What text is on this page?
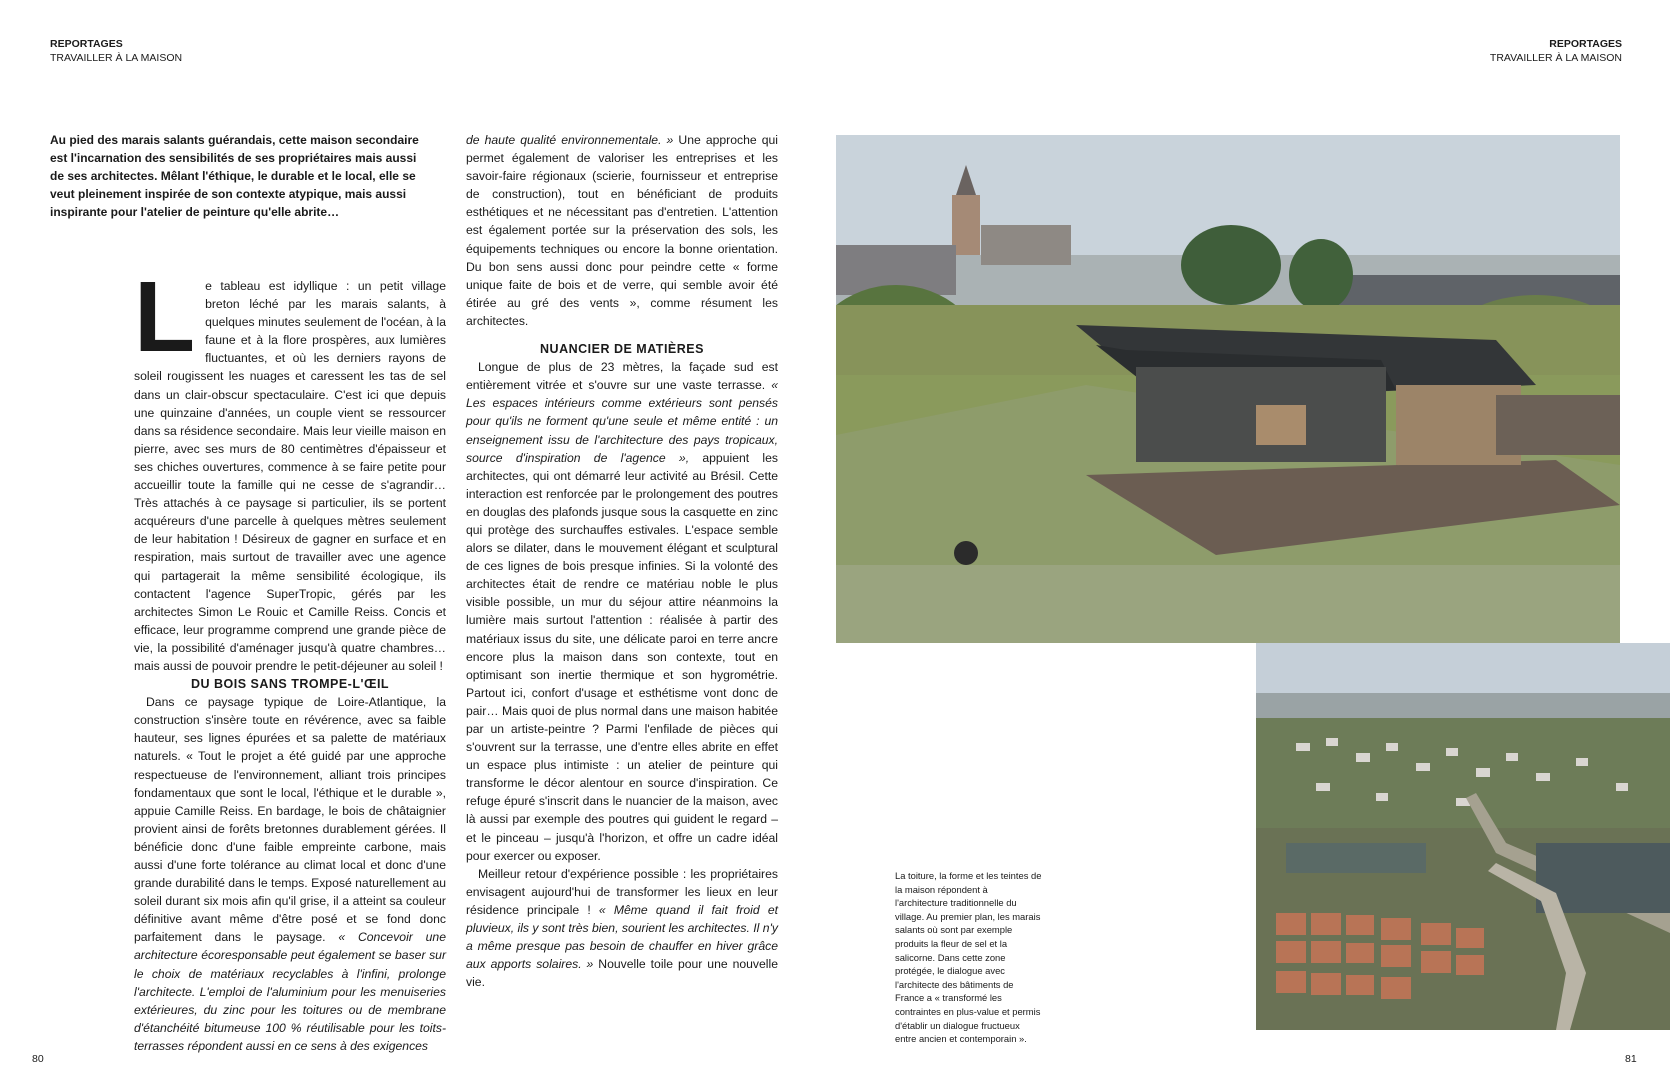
REPORTAGES
TRAVAILLER À LA MAISON
REPORTAGES
TRAVAILLER À LA MAISON
Au pied des marais salants guérandais, cette maison secondaire est l'incarnation des sensibilités de ses propriétaires mais aussi de ses architectes. Mêlant l'éthique, le durable et le local, elle se veut pleinement inspirée de son contexte atypique, mais aussi inspirante pour l'atelier de peinture qu'elle abrite…

Le tableau est idyllique : un petit village breton léché par les marais salants, à quelques minutes seulement de l'océan, à la faune et à la flore prospères, aux lumières fluctuantes, et où les derniers rayons de soleil rougissent les nuages et caressent les tas de sel dans un clair-obscur spectaculaire. C'est ici que depuis une quinzaine d'années, un couple vient se ressourcer dans sa résidence secondaire. Mais leur vieille maison en pierre, avec ses murs de 80 centimètres d'épaisseur et ses chiches ouvertures, commence à se faire petite pour accueillir toute la famille qui ne cesse de s'agrandir… Très attachés à ce paysage si particulier, ils se portent acquéreurs d'une parcelle à quelques mètres seulement de leur habitation ! Désireux de gagner en surface et en respiration, mais surtout de travailler avec une agence qui partagerait la même sensibilité écologique, ils contactent l'agence SuperTropic, gérés par les architectes Simon Le Rouic et Camille Reiss. Concis et efficace, leur programme comprend une grande pièce de vie, la possibilité d'aménager jusqu'à quatre chambres… mais aussi de pouvoir prendre le petit-déjeuner au soleil !

DU BOIS SANS TROMPE-L'ŒIL

Dans ce paysage typique de Loire-Atlantique, la construction s'insère toute en révérence, avec sa faible hauteur, ses lignes épurées et sa palette de matériaux naturels. « Tout le projet a été guidé par une approche respectueuse de l'environnement, alliant trois principes fondamentaux que sont le local, l'éthique et le durable », appuie Camille Reiss. En bardage, le bois de châtaignier provient ainsi de forêts bretonnes durablement gérées. Il bénéficie donc d'une faible empreinte carbone, mais aussi d'une forte tolérance au climat local et donc d'une grande durabilité dans le temps. Exposé naturellement au soleil durant six mois afin qu'il grise, il a atteint sa couleur définitive avant même d'être posé et se fond donc parfaitement dans le paysage. « Concevoir une architecture écoresponsable peut également se baser sur le choix de matériaux recyclables à l'infini, prolonge l'architecte. L'emploi de l'aluminium pour les menuiseries extérieures, du zinc pour les toitures ou de membrane d'étanchéité bitumeuse 100 % réutilisable pour les toits-terrasses répondent aussi en ce sens à des exigences

de haute qualité environnementale. » Une approche qui permet également de valoriser les entreprises et les savoir-faire régionaux (scierie, fournisseur et entreprise de construction), tout en bénéficiant de produits esthétiques et ne nécessitant pas d'entretien. L'attention est également portée sur la préservation des sols, les équipements techniques ou encore la bonne orientation. Du bon sens aussi donc pour peindre cette « forme unique faite de bois et de verre, qui semble avoir été étirée au gré des vents », comme résument les architectes.

NUANCIER DE MATIÈRES

Longue de plus de 23 mètres, la façade sud est entièrement vitrée et s'ouvre sur une vaste terrasse. « Les espaces intérieurs comme extérieurs sont pensés pour qu'ils ne forment qu'une seule et même entité : un enseignement issu de l'architecture des pays tropicaux, source d'inspiration de l'agence », appuient les architectes, qui ont démarré leur activité au Brésil. Cette interaction est renforcée par le prolongement des poutres en douglas des plafonds jusque sous la casquette en zinc qui protège des surchauffes estivales. L'espace semble alors se dilater, dans le mouvement élégant et sculptural de ces lignes de bois presque infinies. Si la volonté des architectes était de rendre ce matériau noble le plus visible possible, un mur du séjour attire néanmoins la lumière mais surtout l'attention : réalisée à partir des matériaux issus du site, une délicate paroi en terre ancre encore plus la maison dans son contexte, tout en optimisant son inertie thermique et son hygrométrie. Partout ici, confort d'usage et esthétisme vont donc de pair… Mais quoi de plus normal dans une maison habitée par un artiste-peintre ? Parmi l'enfilade de pièces qui s'ouvrent sur la terrasse, une d'entre elles abrite en effet un espace plus intimiste : un atelier de peinture qui transforme le décor alentour en source d'inspiration. Ce refuge épuré s'inscrit dans le nuancier de la maison, avec là aussi par exemple des poutres qui guident le regard – et le pinceau – jusqu'à l'horizon, et offre un cadre idéal pour exercer ou exposer.

Meilleur retour d'expérience possible : les propriétaires envisagent aujourd'hui de transformer les lieux en leur résidence principale ! « Même quand il fait froid et pluvieux, ils y sont très bien, sourient les architectes. Il n'y a même presque pas besoin de chauffer en hiver grâce aux apports solaires. » Nouvelle toile pour une nouvelle vie.

La toiture, la forme et les teintes de la maison répondent à l'architecture traditionnelle du village. Au premier plan, les marais salants où sont par exemple produits la fleur de sel et la salicorne. Dans cette zone protégée, le dialogue avec l'architecte des bâtiments de France a « transformé les contraintes en plus-value et permis d'établir un dialogue fructueux entre ancien et contemporain ».
80	81
